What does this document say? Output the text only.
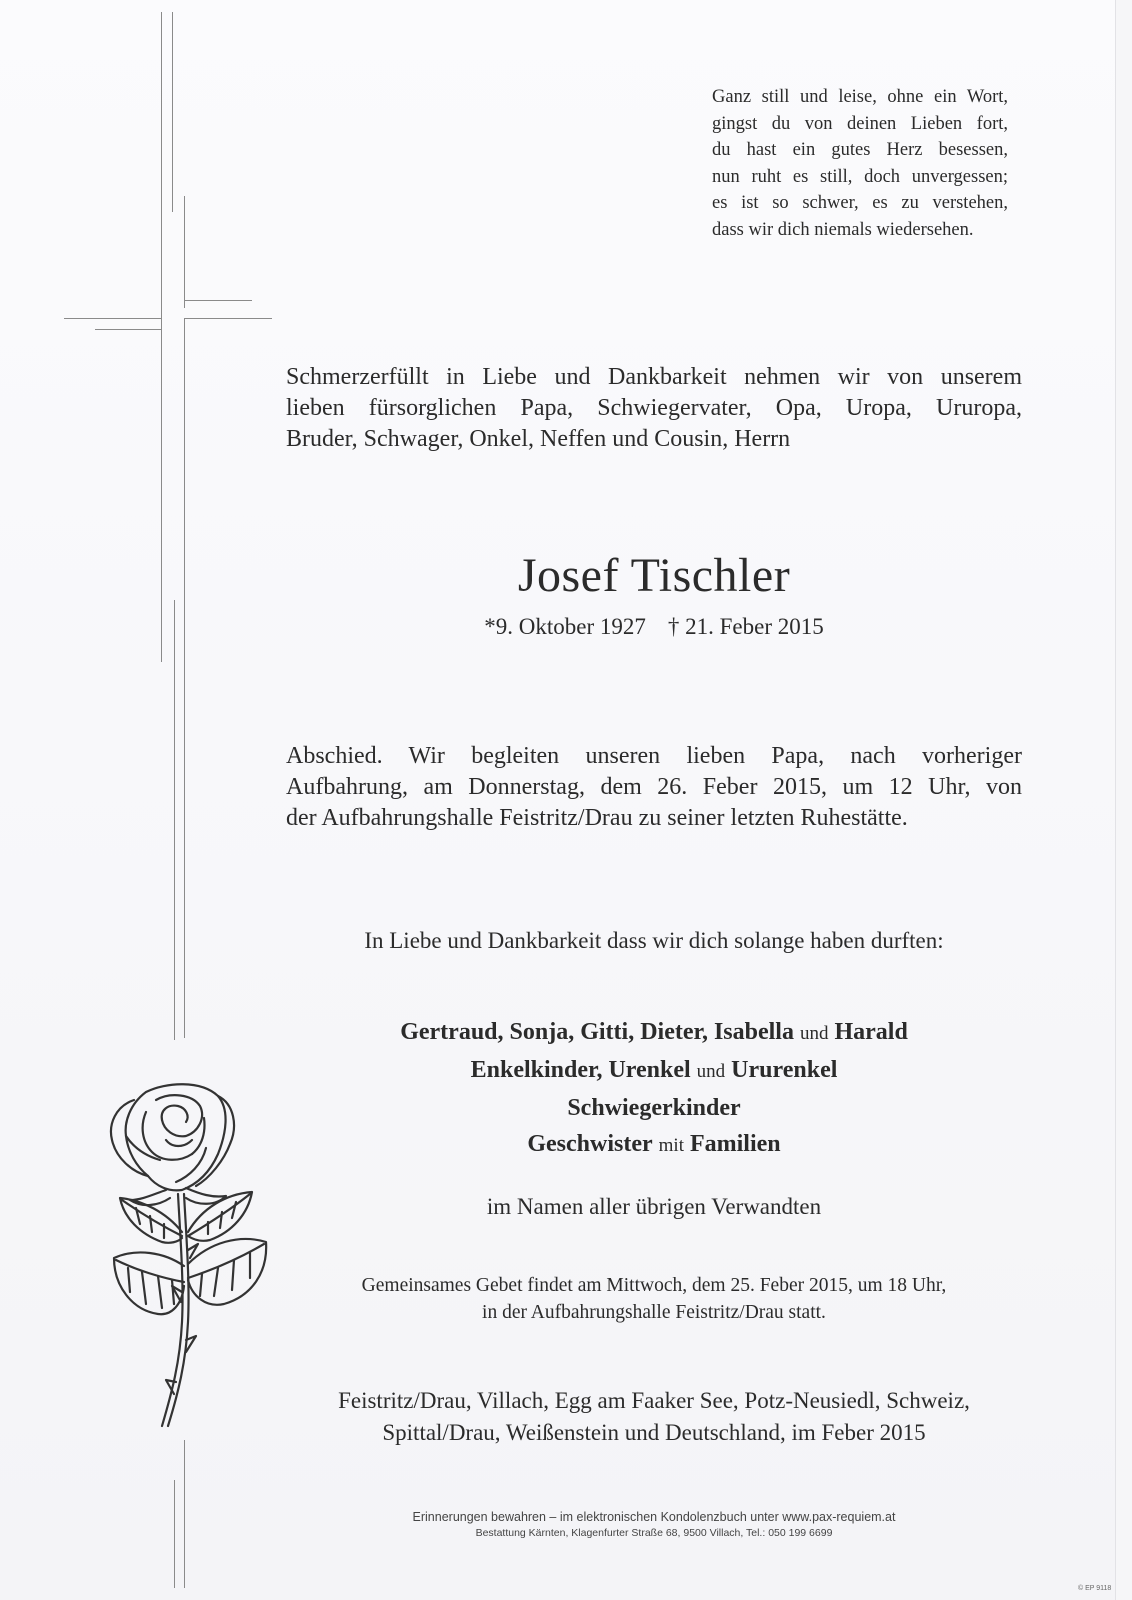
Ganz still und leise, ohne ein Wort,
gingst du von deinen Lieben fort,
du hast ein gutes Herz besessen,
nun ruht es still, doch unvergessen;
es ist so schwer, es zu verstehen,
dass wir dich niemals wiedersehen.
Schmerzerfüllt in Liebe und Dankbarkeit nehmen wir von unserem
lieben fürsorglichen Papa, Schwiegervater, Opa, Uropa, Ururopa,
Bruder, Schwager, Onkel, Neffen und Cousin, Herrn
Josef Tischler
*9. Oktober 1927 † 21. Feber 2015
Abschied. Wir begleiten unseren lieben Papa, nach vorheriger
Aufbahrung, am Donnerstag, dem 26. Feber 2015, um 12 Uhr, von
der Aufbahrungshalle Feistritz/Drau zu seiner letzten Ruhestätte.
In Liebe und Dankbarkeit dass wir dich solange haben durften:
Gertraud, Sonja, Gitti, Dieter, Isabella und Harald
Enkelkinder, Urenkel und Ururenkel
Schwiegerkinder
Geschwister mit Familien
im Namen aller übrigen Verwandten
Gemeinsames Gebet findet am Mittwoch, dem 25. Feber 2015, um 18 Uhr,
in der Aufbahrungshalle Feistritz/Drau statt.
Feistritz/Drau, Villach, Egg am Faaker See, Potz-Neusiedl, Schweiz,
Spittal/Drau, Weißenstein und Deutschland, im Feber 2015
Erinnerungen bewahren – im elektronischen Kondolenzbuch unter www.pax-requiem.at
Bestattung Kärnten, Klagenfurter Straße 68, 9500 Villach, Tel.: 050 199 6699
© EP 9118
